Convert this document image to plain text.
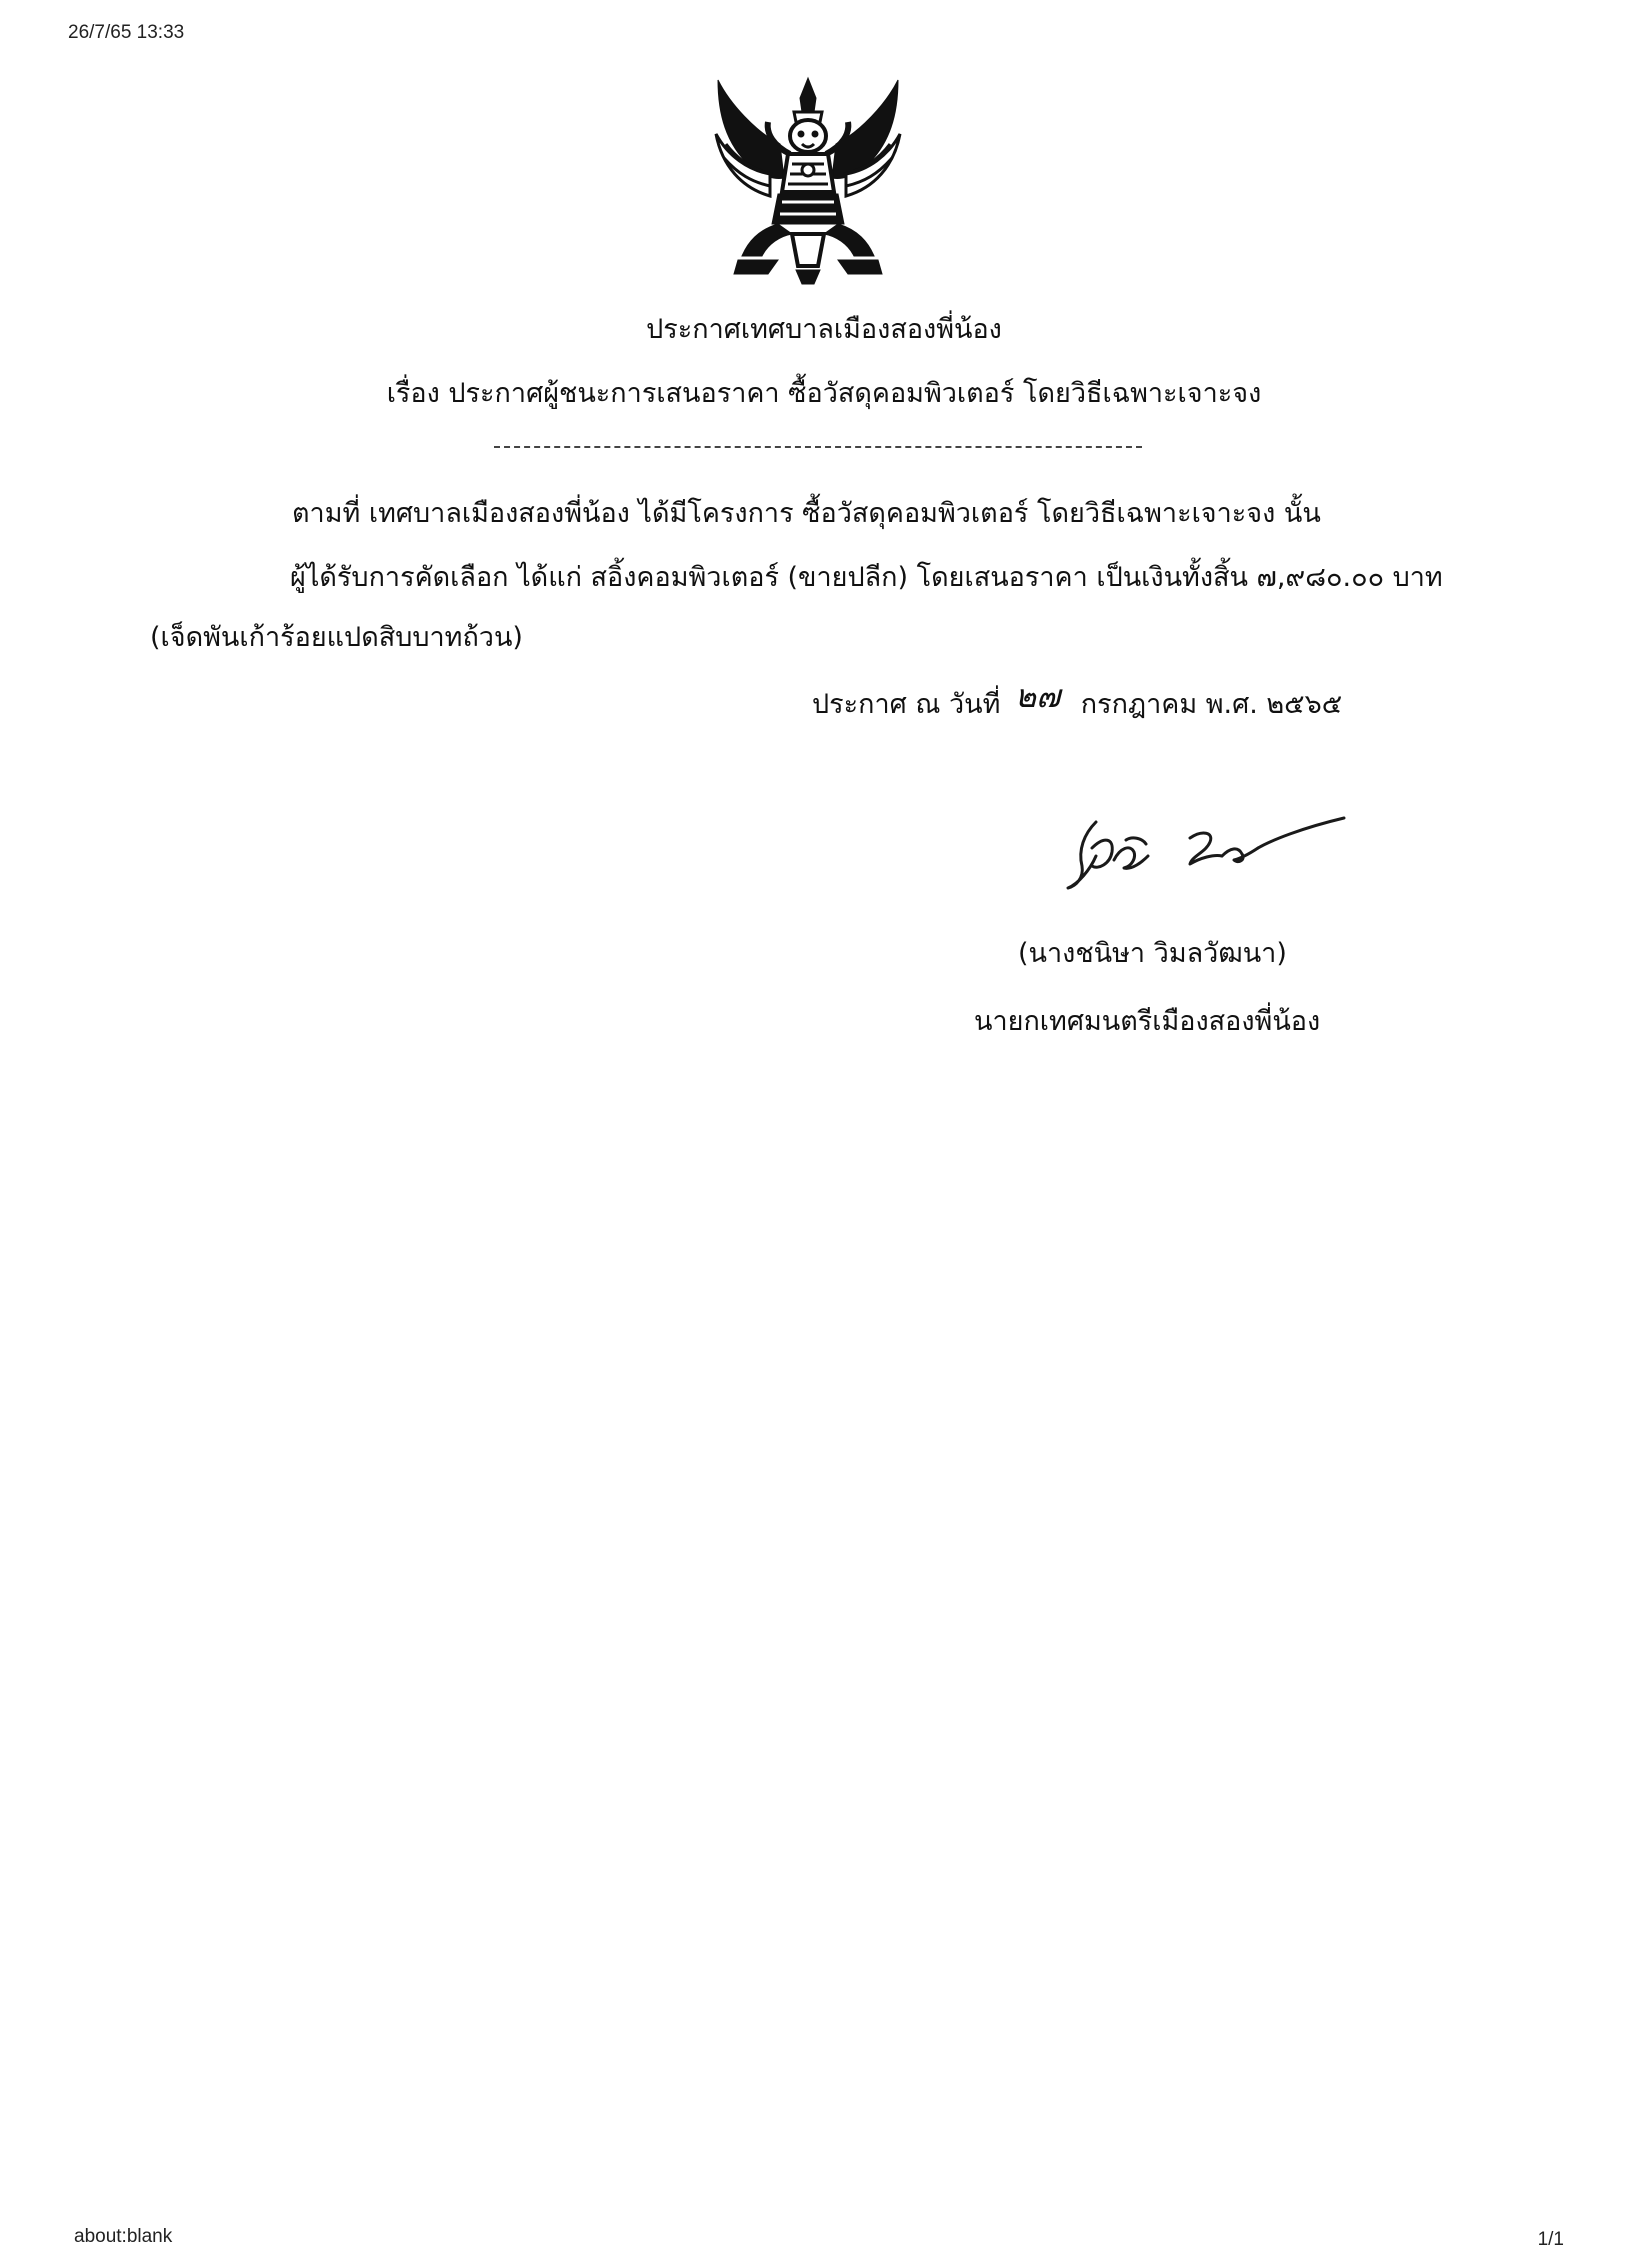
26/7/65 13:33
ประกาศเทศบาลเมืองสองพี่น้อง
เรื่อง ประกาศผู้ชนะการเสนอราคา ซื้อวัสดุคอมพิวเตอร์ โดยวิธีเฉพาะเจาะจง
ตามที่ เทศบาลเมืองสองพี่น้อง ได้มีโครงการ ซื้อวัสดุคอมพิวเตอร์ โดยวิธีเฉพาะเจาะจง นั้น
ผู้ได้รับการคัดเลือก ได้แก่ สอิ้งคอมพิวเตอร์ (ขายปลีก) โดยเสนอราคา เป็นเงินทั้งสิ้น ๗,๙๘๐.๐๐ บาท
(เจ็ดพันเก้าร้อยแปดสิบบาทถ้วน)
ประกาศ ณ วันที่ ๒๗ กรกฎาคม พ.ศ. ๒๕๖๕
(นางชนิษา วิมลวัฒนา)
นายกเทศมนตรีเมืองสองพี่น้อง
about:blank	1/1
